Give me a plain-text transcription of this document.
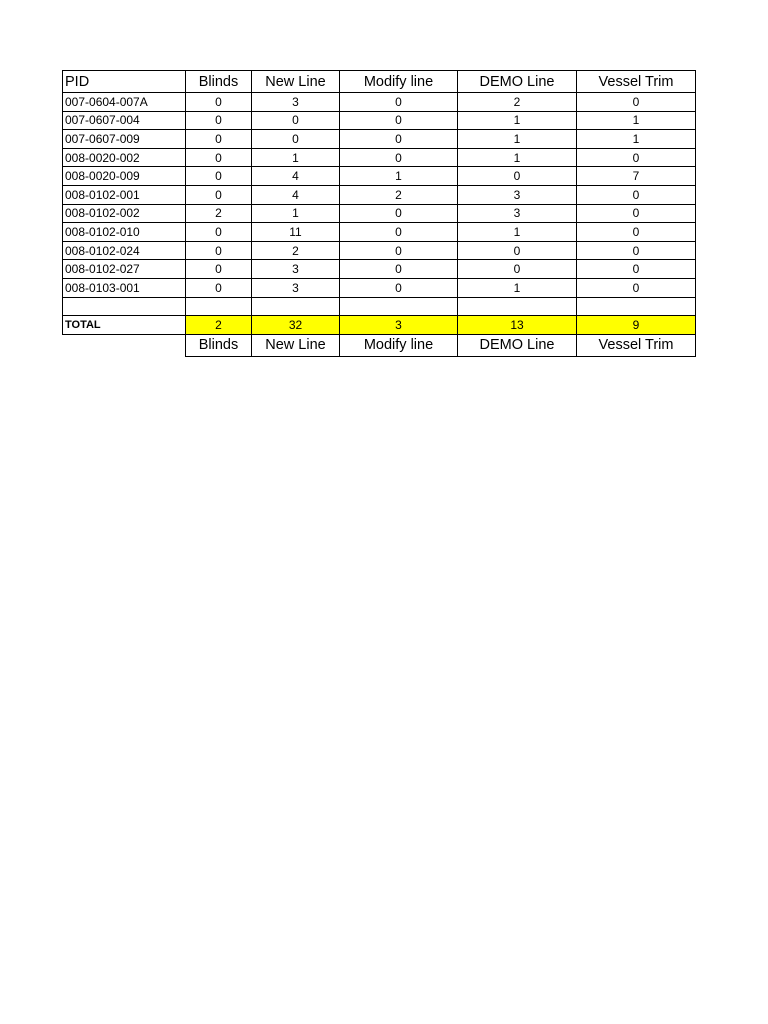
PID	Blinds	New Line	Modify line	DEMO Line	Vessel Trim
007-0604-007A	0	3	0	2	0
007-0607-004	0	0	0	1	1
007-0607-009	0	0	0	1	1
008-0020-002	0	1	0	1	0
008-0020-009	0	4	1	0	7
008-0102-001	0	4	2	3	0
008-0102-002	2	1	0	3	0
008-0102-010	0	11	0	1	0
008-0102-024	0	2	0	0	0
008-0102-027	0	3	0	0	0
008-0103-001	0	3	0	1	0

TOTAL	2	32	3	13	9
	Blinds	New Line	Modify line	DEMO Line	Vessel Trim
